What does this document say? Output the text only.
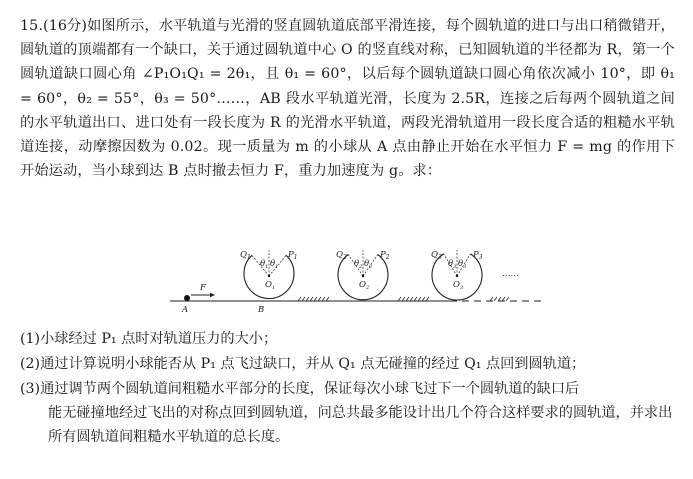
15.(16分)如图所示，水平轨道与光滑的竖直圆轨道底部平滑连接，每个圆轨道的进口与出口稍微错开，圆轨道的顶端都有一个缺口，关于通过圆轨道中心 O 的竖直线对称，已知圆轨道的半径都为 R，第一个圆轨道缺口圆心角 ∠P₁O₁Q₁ = 2θ₁，且 θ₁ = 60°，以后每个圆轨道缺口圆心角依次减小 10°，即 θ₁ = 60°，θ₂ = 55°，θ₃ = 50°……，AB 段水平轨道光滑，长度为 2.5R，连接之后每两个圆轨道之间的水平轨道出口、进口处有一段长度为 R 的光滑水平轨道，两段光滑轨道用一段长度合适的粗糙水平轨道连接，动摩擦因数为 0.02。现一质量为 m 的小球从 A 点由静止开始在水平恒力 F = mg 的作用下开始运动，当小球到达 B 点时撤去恒力 F，重力加速度为 g。求：
F
A	B
$Q_1$	$P_1$
$\theta_1$ $\theta_1$
$O_1$
$Q_2$	$P_2$
$\theta_2$ $\theta_2$
$O_2$
$Q_3$	$P_3$
$\theta_3$ $\theta_3$
$O_3$
……
(1)小球经过 P₁ 点时对轨道压力的大小；
(2)通过计算说明小球能否从 P₁ 点飞过缺口，并从 Q₁ 点无碰撞的经过 Q₁ 点回到圆轨道；
(3)通过调节两个圆轨道间粗糙水平部分的长度，保证每次小球飞过下一个圆轨道的缺口后
能无碰撞地经过飞出的对称点回到圆轨道，问总共最多能设计出几个符合这样要求的圆轨道，并求出所有圆轨道间粗糙水平轨道的总长度。
